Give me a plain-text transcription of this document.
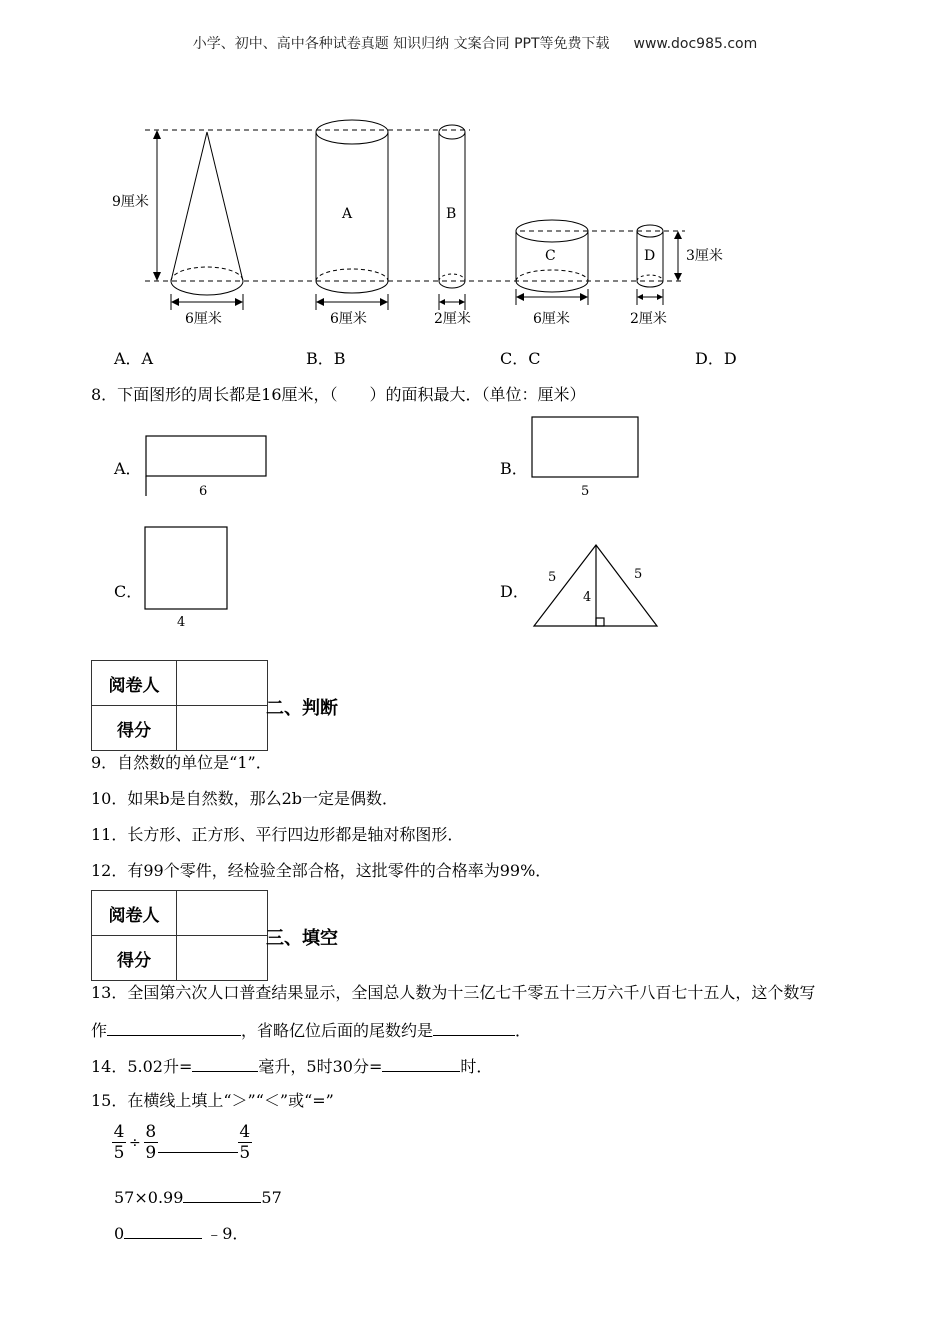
小学、初中、高中各种试卷真题 知识归纳 文案合同 PPT等免费下载 www.doc985.com
9厘米
A	B
C	D 3厘米
6厘米	6厘米	2厘米	6厘米	2厘米
A．A	B．B	C．C	D．D
8．下面图形的周长都是16厘米，（　　）的面积最大．（单位：厘米）
A．	B．
C．	D．
6	5
4
5	5
4
阅卷人	
得分	
二、判断
9．自然数的单位是“1”．
10．如果b是自然数，那么2b一定是偶数．
11．长方形、正方形、平行四边形都是轴对称图形．
12．有99个零件，经检验全部合格，这批零件的合格率为99%．
阅卷人	
得分	
三、填空
13．全国第六次人口普查结果显示，全国总人数为十三亿七千零五十三万六千八百七十五人，这个数写
作	，省略亿位后面的尾数约是	．
14．5.02升=	毫升，5时30分=	时．
15．在横线上填上“＞”“＜”或“=”
$\frac{4}{5} \div \frac{8}{9}$	$\frac{4}{5}$
57×0.99	57
0	﹣9．
